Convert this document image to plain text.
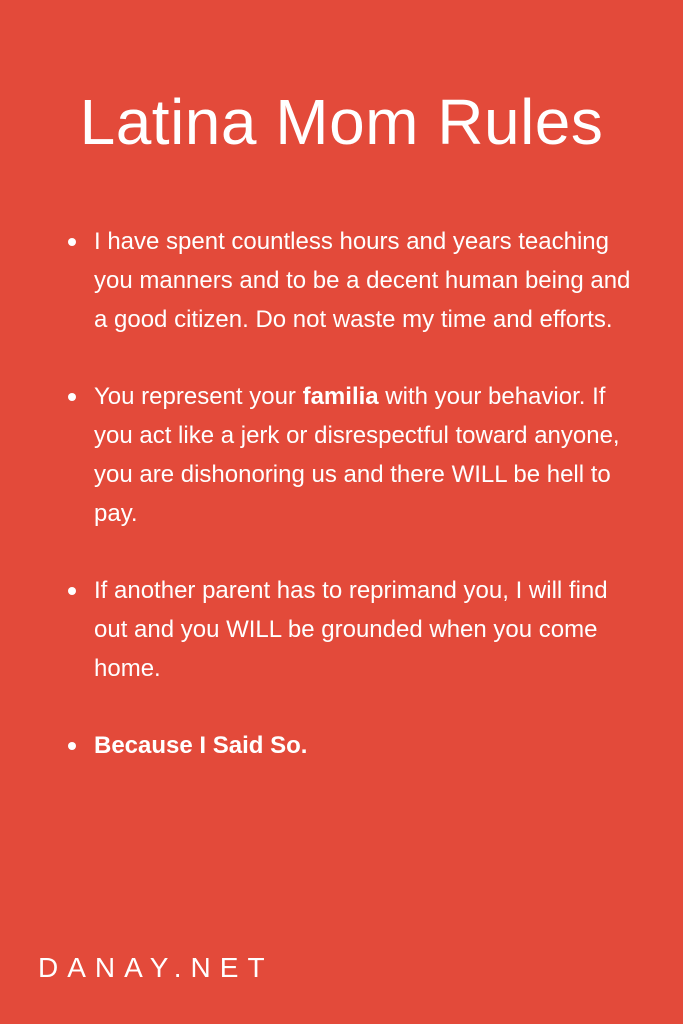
Latina Mom Rules
I have spent countless hours and years teaching you manners and to be a decent human being and a good citizen. Do not waste my time and efforts.
You represent your familia with your behavior. If you act like a jerk or disrespectful toward anyone, you are dishonoring us and there WILL be hell to pay.
If another parent has to reprimand you, I will find out and you WILL be grounded when you come home.
Because I Said So.
DANAY.NET
